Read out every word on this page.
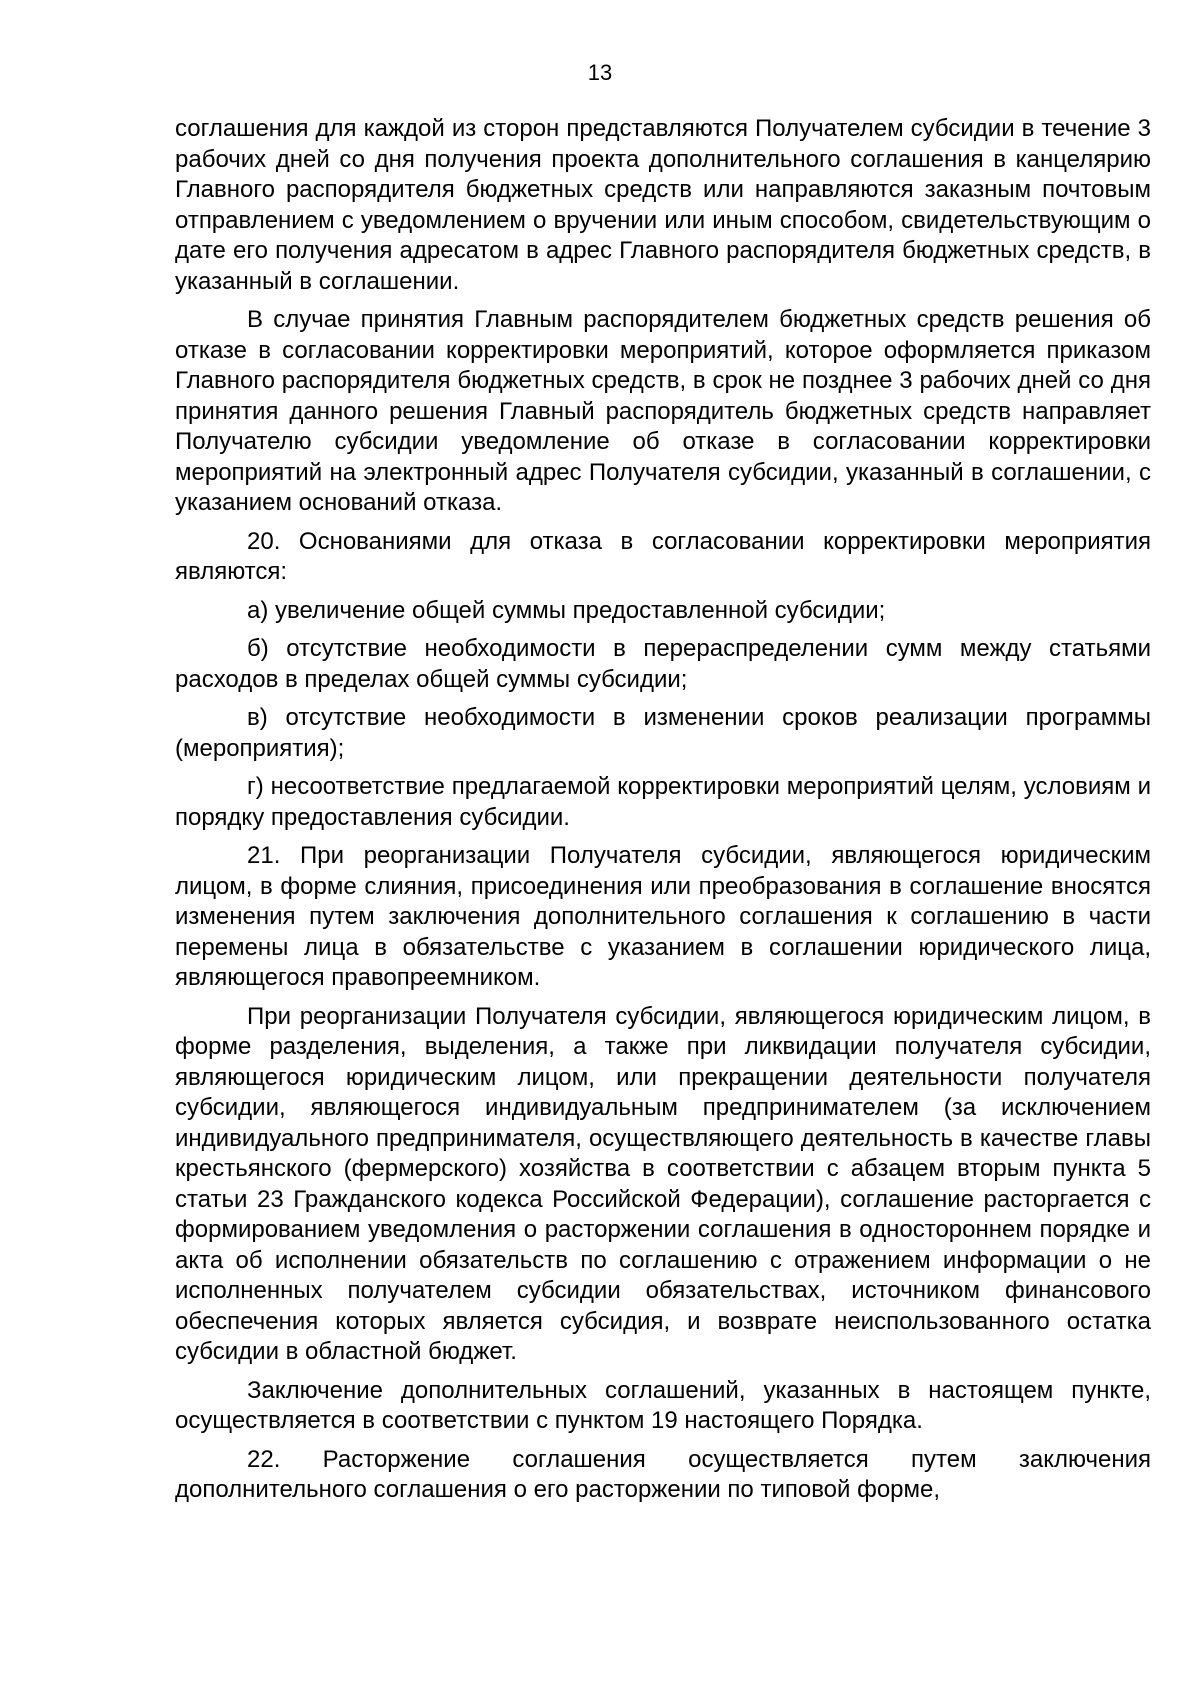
13

соглашения для каждой из сторон представляются Получателем субсидии в течение 3 рабочих дней со дня получения проекта дополнительного соглашения в канцелярию Главного распорядителя бюджетных средств или направляются заказным почтовым отправлением с уведомлением о вручении или иным способом, свидетельствующим о дате его получения адресатом в адрес Главного распорядителя бюджетных средств, в указанный в соглашении.

В случае принятия Главным распорядителем бюджетных средств решения об отказе в согласовании корректировки мероприятий, которое оформляется приказом Главного распорядителя бюджетных средств, в срок не позднее 3 рабочих дней со дня принятия данного решения Главный распорядитель бюджетных средств направляет Получателю субсидии уведомление об отказе в согласовании корректировки мероприятий на электронный адрес Получателя субсидии, указанный в соглашении, с указанием оснований отказа.

20. Основаниями для отказа в согласовании корректировки мероприятия являются:

а) увеличение общей суммы предоставленной субсидии;

б) отсутствие необходимости в перераспределении сумм между статьями расходов в пределах общей суммы субсидии;

в) отсутствие необходимости в изменении сроков реализации программы (мероприятия);

г) несоответствие предлагаемой корректировки мероприятий целям, условиям и порядку предоставления субсидии.

21. При реорганизации Получателя субсидии, являющегося юридическим лицом, в форме слияния, присоединения или преобразования в соглашение вносятся изменения путем заключения дополнительного соглашения к соглашению в части перемены лица в обязательстве с указанием в соглашении юридического лица, являющегося правопреемником.

При реорганизации Получателя субсидии, являющегося юридическим лицом, в форме разделения, выделения, а также при ликвидации получателя субсидии, являющегося юридическим лицом, или прекращении деятельности получателя субсидии, являющегося индивидуальным предпринимателем (за исключением индивидуального предпринимателя, осуществляющего деятельность в качестве главы крестьянского (фермерского) хозяйства в соответствии с абзацем вторым пункта 5 статьи 23 Гражданского кодекса Российской Федерации), соглашение расторгается с формированием уведомления о расторжении соглашения в одностороннем порядке и акта об исполнении обязательств по соглашению с отражением информации о не исполненных получателем субсидии обязательствах, источником финансового обеспечения которых является субсидия, и возврате неиспользованного остатка субсидии в областной бюджет.

Заключение дополнительных соглашений, указанных в настоящем пункте, осуществляется в соответствии с пунктом 19 настоящего Порядка.

22. Расторжение соглашения осуществляется путем заключения дополнительного соглашения о его расторжении по типовой форме,
